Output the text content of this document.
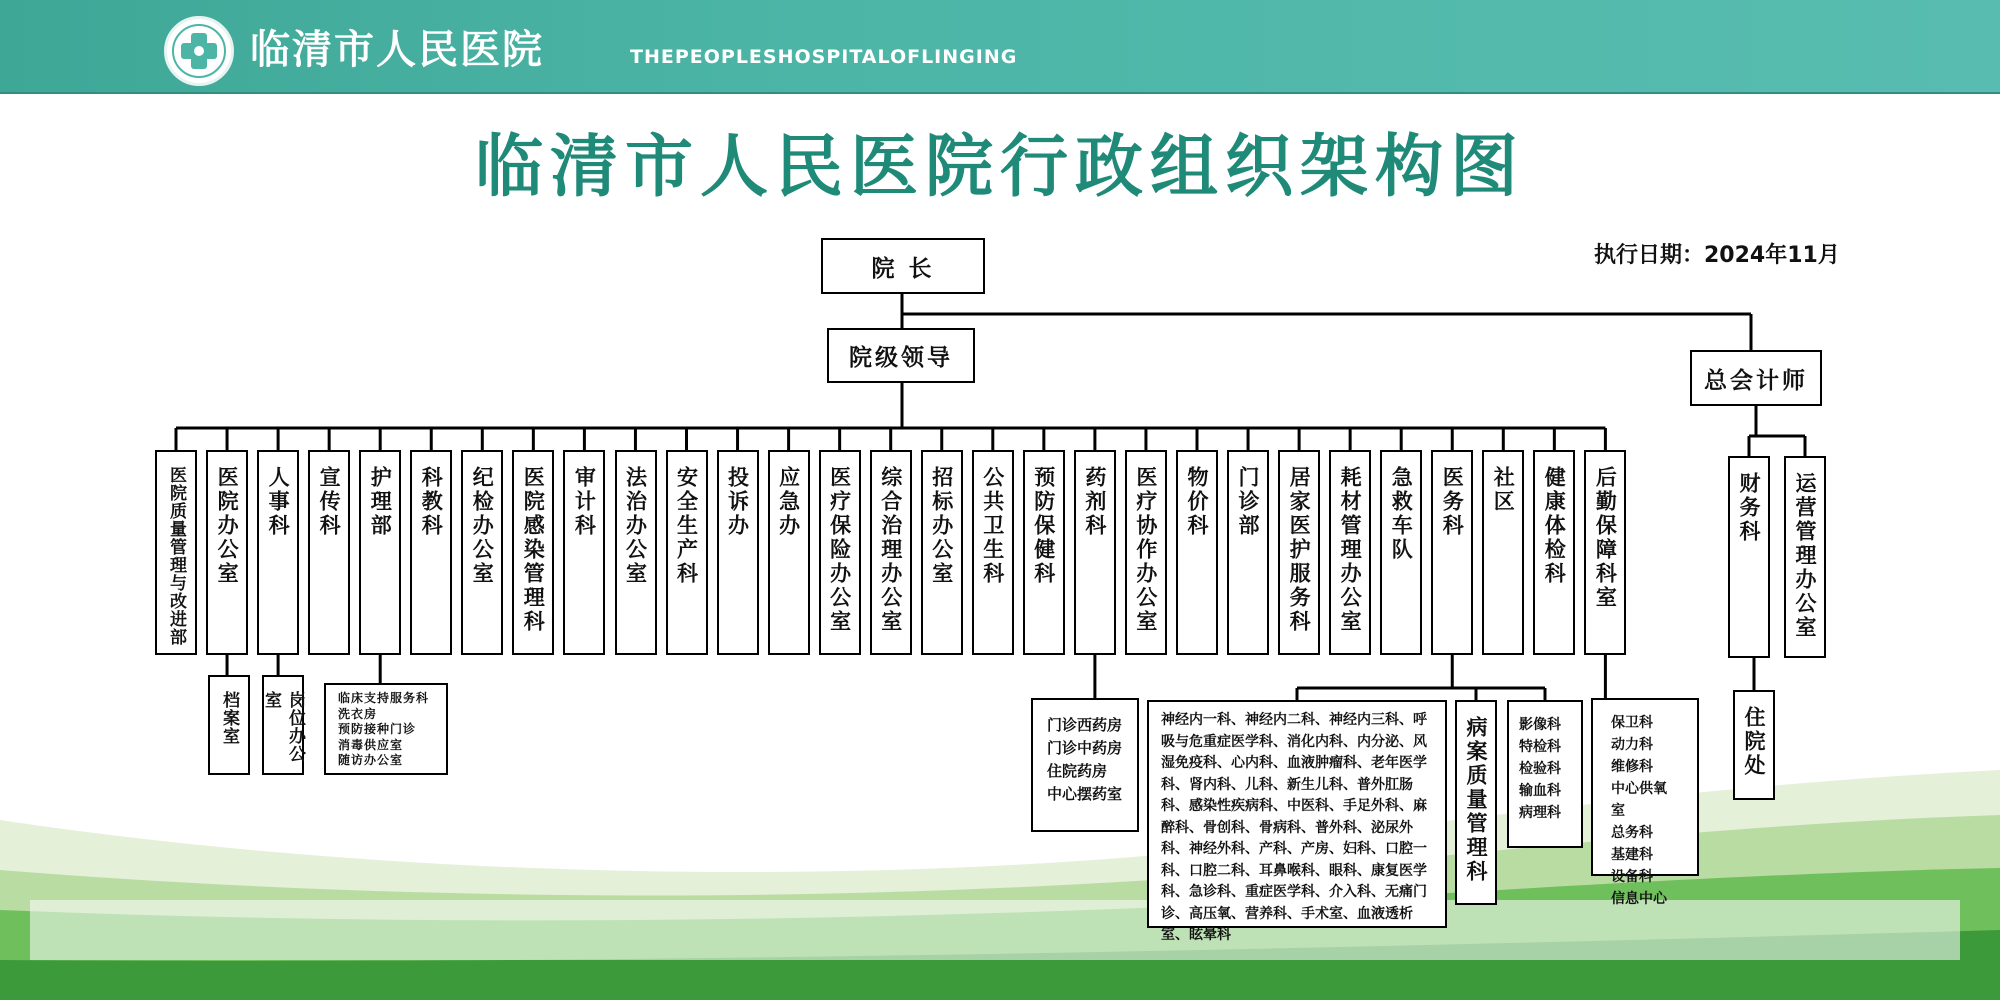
临清市人民医院	THEPEOPLESHOSPITALOFLINGING
临清市人民医院行政组织架构图
执行日期：2024年11月
院 长
院级领导
总会计师
医院质量管理与改进部 医院办公室 人事科 宣传科 护理部 科教科 纪检办公室 医院感染管理科 审计科 法治办公室 安全生产科 投诉办 应急办 医疗保险办公室 综合治理办公室 招标办公室 公共卫生科 预防保健科 药剂科 医疗协作办公室 物价科 门诊部 居家医护服务科 耗材管理办公室 急救车队 医务科 社区 健康体检科 后勤保障科室	财务科 运营管理办公室
档案室	岗位办公室	临床支持服务科
洗衣房
预防接种门诊
消毒供应室
随访办公室
门诊西药房
门诊中药房
住院药房
中心摆药室
神经内一科、神经内二科、神经内三科、呼吸与危重症医学科、消化内科、内分泌、风湿免疫科、心内科、血液肿瘤科、老年医学科、肾内科、儿科、新生儿科、普外肛肠科、感染性疾病科、中医科、手足外科、麻醉科、骨创科、骨病科、普外科、泌尿外科、神经外科、产科、产房、妇科、口腔一科、口腔二科、耳鼻喉科、眼科、康复医学科、急诊科、重症医学科、介入科、无痛门诊、高压氧、营养科、手术室、血液透析室、眩晕科
病案质量管理科 影像科
特检科
检验科
输血科
病理科
保卫科
动力科
维修科
中心供氧室
总务科
基建科
设备科
信息中心
住院处
